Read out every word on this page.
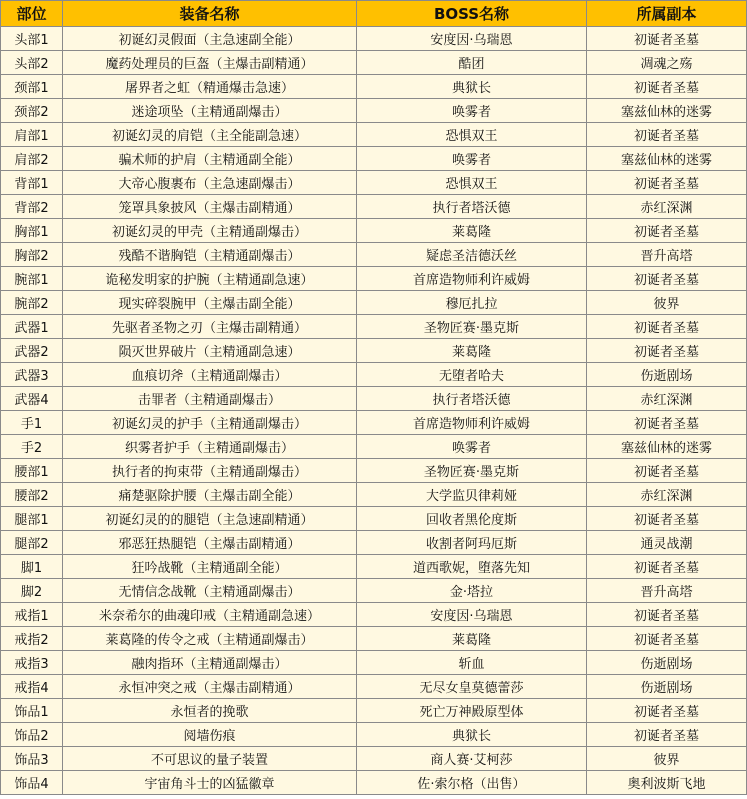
部位	装备名称	BOSS名称	所属副本
头部1	初诞幻灵假面（主急速副全能）	安度因·乌瑞恩	初诞者圣墓
头部2	魔药处理员的巨盔（主爆击副精通）	酷团	凋魂之殇
颈部1	屠界者之虹（精通爆击急速）	典狱长	初诞者圣墓
颈部2	迷途项坠（主精通副爆击）	唤雾者	塞兹仙林的迷雾
肩部1	初诞幻灵的肩铠（主全能副急速）	恐惧双王	初诞者圣墓
肩部2	骗术师的护肩（主精通副全能）	唤雾者	塞兹仙林的迷雾
背部1	大帝心腹裹布（主急速副爆击）	恐惧双王	初诞者圣墓
背部2	笼罩具象披风（主爆击副精通）	执行者塔沃德	赤红深渊
胸部1	初诞幻灵的甲壳（主精通副爆击）	莱葛隆	初诞者圣墓
胸部2	残酷不谐胸铠（主精通副爆击）	疑虑圣洁德沃丝	晋升高塔
腕部1	诡秘发明家的护腕（主精通副急速）	首席造物师利许威姆	初诞者圣墓
腕部2	现实碎裂腕甲（主爆击副全能）	穆厄扎拉	彼界
武器1	先驱者圣物之刃（主爆击副精通）	圣物匠赛·墨克斯	初诞者圣墓
武器2	陨灭世界破片（主精通副急速）	莱葛隆	初诞者圣墓
武器3	血痕切斧（主精通副爆击）	无堕者哈夫	伤逝剧场
武器4	击罪者（主精通副爆击）	执行者塔沃德	赤红深渊
手1	初诞幻灵的护手（主精通副爆击）	首席造物师利许威姆	初诞者圣墓
手2	织雾者护手（主精通副爆击）	唤雾者	塞兹仙林的迷雾
腰部1	执行者的拘束带（主精通副爆击）	圣物匠赛·墨克斯	初诞者圣墓
腰部2	痛楚驱除护腰（主爆击副全能）	大学监贝律莉娅	赤红深渊
腿部1	初诞幻灵的的腿铠（主急速副精通）	回收者黑伦度斯	初诞者圣墓
腿部2	邪恶狂热腿铠（主爆击副精通）	收割者阿玛厄斯	通灵战潮
脚1	狂吟战靴（主精通副全能）	道西歌妮，堕落先知	初诞者圣墓
脚2	无情信念战靴（主精通副爆击）	金·塔拉	晋升高塔
戒指1	米奈希尔的曲魂印戒（主精通副急速）	安度因·乌瑞恩	初诞者圣墓
戒指2	莱葛隆的传令之戒（主精通副爆击）	莱葛隆	初诞者圣墓
戒指3	融肉指环（主精通副爆击）	斩血	伤逝剧场
戒指4	永恒冲突之戒（主爆击副精通）	无尽女皇莫德蕾莎	伤逝剧场
饰品1	永恒者的挽歌	死亡万神殿原型体	初诞者圣墓
饰品2	阅墙伤痕	典狱长	初诞者圣墓
饰品3	不可思议的量子装置	商人赛·艾柯莎	彼界
饰品4	宇宙角斗士的凶猛徽章	佐·索尔格（出售）	奥利波斯飞地
